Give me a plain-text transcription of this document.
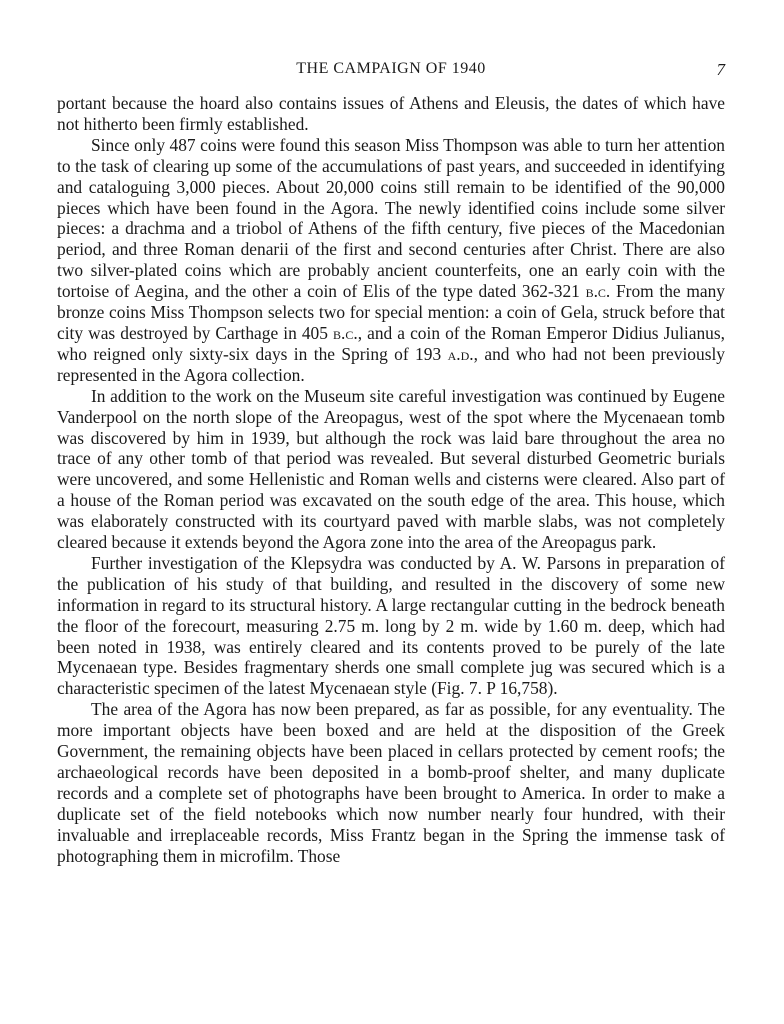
THE CAMPAIGN OF 1940	7

portant because the hoard also contains issues of Athens and Eleusis, the dates of which have not hitherto been firmly established.

Since only 487 coins were found this season Miss Thompson was able to turn her attention to the task of clearing up some of the accumulations of past years, and succeeded in identifying and cataloguing 3,000 pieces. About 20,000 coins still remain to be identified of the 90,000 pieces which have been found in the Agora. The newly identified coins include some silver pieces: a drachma and a triobol of Athens of the fifth century, five pieces of the Macedonian period, and three Roman denarii of the first and second centuries after Christ. There are also two silver-plated coins which are probably ancient counterfeits, one an early coin with the tortoise of Aegina, and the other a coin of Elis of the type dated 362-321 b.c. From the many bronze coins Miss Thompson selects two for special mention: a coin of Gela, struck before that city was destroyed by Carthage in 405 b.c., and a coin of the Roman Emperor Didius Julianus, who reigned only sixty-six days in the Spring of 193 a.d., and who had not been previously represented in the Agora collection.

In addition to the work on the Museum site careful investigation was continued by Eugene Vanderpool on the north slope of the Areopagus, west of the spot where the Mycenaean tomb was discovered by him in 1939, but although the rock was laid bare throughout the area no trace of any other tomb of that period was revealed. But several disturbed Geometric burials were uncovered, and some Hellenistic and Roman wells and cisterns were cleared. Also part of a house of the Roman period was excavated on the south edge of the area. This house, which was elaborately constructed with its courtyard paved with marble slabs, was not completely cleared because it extends beyond the Agora zone into the area of the Areopagus park.

Further investigation of the Klepsydra was conducted by A. W. Parsons in preparation of the publication of his study of that building, and resulted in the discovery of some new information in regard to its structural history. A large rectangular cutting in the bedrock beneath the floor of the forecourt, measuring 2.75 m. long by 2 m. wide by 1.60 m. deep, which had been noted in 1938, was entirely cleared and its contents proved to be purely of the late Mycenaean type. Besides fragmentary sherds one small complete jug was secured which is a characteristic specimen of the latest Mycenaean style (Fig. 7. P 16,758).

The area of the Agora has now been prepared, as far as possible, for any eventuality. The more important objects have been boxed and are held at the disposition of the Greek Government, the remaining objects have been placed in cellars protected by cement roofs; the archaeological records have been deposited in a bomb-proof shelter, and many duplicate records and a complete set of photographs have been brought to America. In order to make a duplicate set of the field notebooks which now number nearly four hundred, with their invaluable and irreplaceable records, Miss Frantz began in the Spring the immense task of photographing them in microfilm. Those
